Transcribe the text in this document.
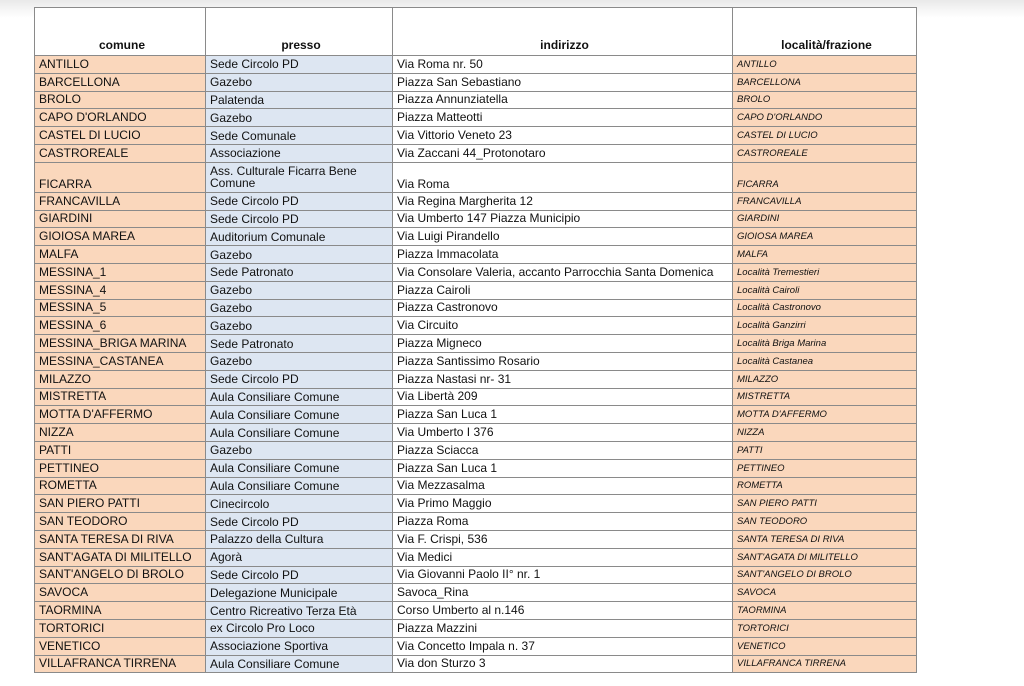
comune	presso	indirizzo	località/frazione
ANTILLO	Sede Circolo PD	Via Roma nr. 50	ANTILLO
BARCELLONA	Gazebo	Piazza San Sebastiano	BARCELLONA
BROLO	Palatenda	Piazza Annunziatella	BROLO
CAPO D'ORLANDO	Gazebo	Piazza Matteotti	CAPO D'ORLANDO
CASTEL DI LUCIO	Sede Comunale	Via Vittorio Veneto 23	CASTEL DI LUCIO
CASTROREALE	Associazione	Via Zaccani 44_Protonotaro	CASTROREALE
FICARRA	Ass. Culturale Ficarra Bene Comune	Via Roma	FICARRA
FRANCAVILLA	Sede Circolo PD	Via Regina Margherita 12	FRANCAVILLA
GIARDINI	Sede Circolo PD	Via Umberto 147 Piazza Municipio	GIARDINI
GIOIOSA MAREA	Auditorium Comunale	Via Luigi Pirandello	GIOIOSA MAREA
MALFA	Gazebo	Piazza Immacolata	MALFA
MESSINA_1	Sede Patronato	Via Consolare Valeria, accanto Parrocchia Santa Domenica	Località Tremestieri
MESSINA_4	Gazebo	Piazza Cairoli	Località Cairoli
MESSINA_5	Gazebo	Piazza Castronovo	Località Castronovo
MESSINA_6	Gazebo	Via Circuito	Località Ganzirri
MESSINA_BRIGA MARINA	Sede Patronato	Piazza Migneco	Località Briga Marina
MESSINA_CASTANEA	Gazebo	Piazza Santissimo Rosario	Località Castanea
MILAZZO	Sede Circolo PD	Piazza Nastasi nr- 31	MILAZZO
MISTRETTA	Aula Consiliare Comune	Via Libertà 209	MISTRETTA
MOTTA D'AFFERMO	Aula Consiliare Comune	Piazza San Luca 1	MOTTA D'AFFERMO
NIZZA	Aula Consiliare Comune	Via Umberto I 376	NIZZA
PATTI	Gazebo	Piazza Sciacca	PATTI
PETTINEO	Aula Consiliare Comune	Piazza San Luca 1	PETTINEO
ROMETTA	Aula Consiliare Comune	Via Mezzasalma	ROMETTA
SAN PIERO PATTI	Cinecircolo	Via Primo Maggio	SAN PIERO PATTI
SAN TEODORO	Sede Circolo PD	Piazza Roma	SAN TEODORO
SANTA TERESA DI RIVA	Palazzo della Cultura	Via F. Crispi, 536	SANTA TERESA DI RIVA
SANT'AGATA DI MILITELLO	Agorà	Via Medici	SANT'AGATA DI MILITELLO
SANT'ANGELO DI BROLO	Sede Circolo PD	Via Giovanni Paolo II° nr. 1	SANT'ANGELO DI BROLO
SAVOCA	Delegazione Municipale	Savoca_Rina	SAVOCA
TAORMINA	Centro Ricreativo Terza Età	Corso Umberto al n.146	TAORMINA
TORTORICI	ex Circolo Pro Loco	Piazza Mazzini	TORTORICI
VENETICO	Associazione Sportiva	Via Concetto Impala n. 37	VENETICO
VILLAFRANCA TIRRENA	Aula Consiliare Comune	Via don Sturzo 3	VILLAFRANCA TIRRENA
